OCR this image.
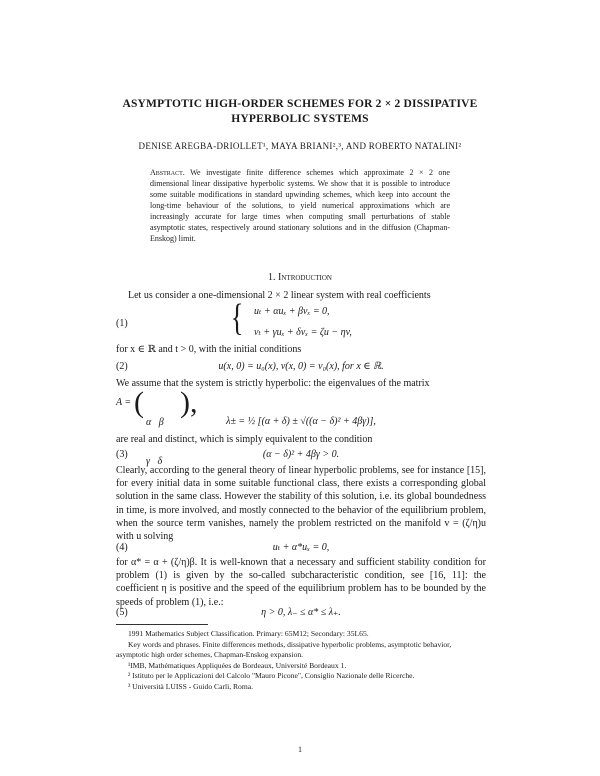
ASYMPTOTIC HIGH-ORDER SCHEMES FOR 2 × 2 DISSIPATIVE
HYPERBOLIC SYSTEMS
DENISE AREGBA-DRIOLLET¹, MAYA BRIANI²,³, AND ROBERTO NATALINI²
Abstract. We investigate finite difference schemes which approximate 2 × 2 one dimensional linear dissipative hyperbolic systems. We show that it is possible to introduce some suitable modifications in standard upwinding schemes, which keep into account the long-time behaviour of the solutions, to yield numerical approximations which are increasingly accurate for large times when computing small perturbations of stable asymptotic states, respectively around stationary solutions and in the diffusion (Chapman-Enskog) limit.
1. Introduction
Let us consider a one-dimensional 2 × 2 linear system with real coefficients
(1)	{ uₜ + αuₓ + βvₓ = 0,
vₜ + γuₓ + δvₓ = ζu − ηv,
for x ∈ ℝ and t > 0, with the initial conditions
(2)	u(x, 0) = u₀(x), v(x, 0) = v₀(x), for x ∈ ℝ.
We assume that the system is strictly hyperbolic: the eigenvalues of the matrix
A = (

α   β

γ   δ

),
λ± = ½ [(α + δ) ± √((α − δ)² + 4βγ)],
are real and distinct, which is simply equivalent to the condition
(3)	(α − δ)² + 4βγ > 0.
Clearly, according to the general theory of linear hyperbolic problems, see for instance [15], for every initial data in some suitable functional class, there exists a corresponding global solution in the same class. However the stability of this solution, i.e. its global boundedness in time, is more involved, and mostly connected to the behavior of the equilibrium problem, when the source term vanishes, namely the problem restricted on the manifold v = (ζ/η)u with u solving
(4)	uₜ + α*uₓ = 0,
for α* = α + (ζ/η)β. It is well-known that a necessary and sufficient stability condition for problem (1) is given by the so-called subcharacteristic condition, see [16, 11]: the coefficient η is positive and the speed of the equilibrium problem has to be bounded by the speeds of problem (1), i.e.:
(5)	η > 0, λ₋ ≤ α* ≤ λ₊.
1991 Mathematics Subject Classification. Primary: 65M12; Secondary: 35L65.
Key words and phrases. Finite differences methods, dissipative hyperbolic problems, asymptotic behavior, asymptotic high order schemes, Chapman-Enskog expansion.
¹IMB, Mathématiques Appliquées de Bordeaux, Université Bordeaux 1.
² Istituto per le Applicazioni del Calcolo "Mauro Picone", Consiglio Nazionale delle Ricerche.
³ Università LUISS - Guido Carli, Roma.
1
